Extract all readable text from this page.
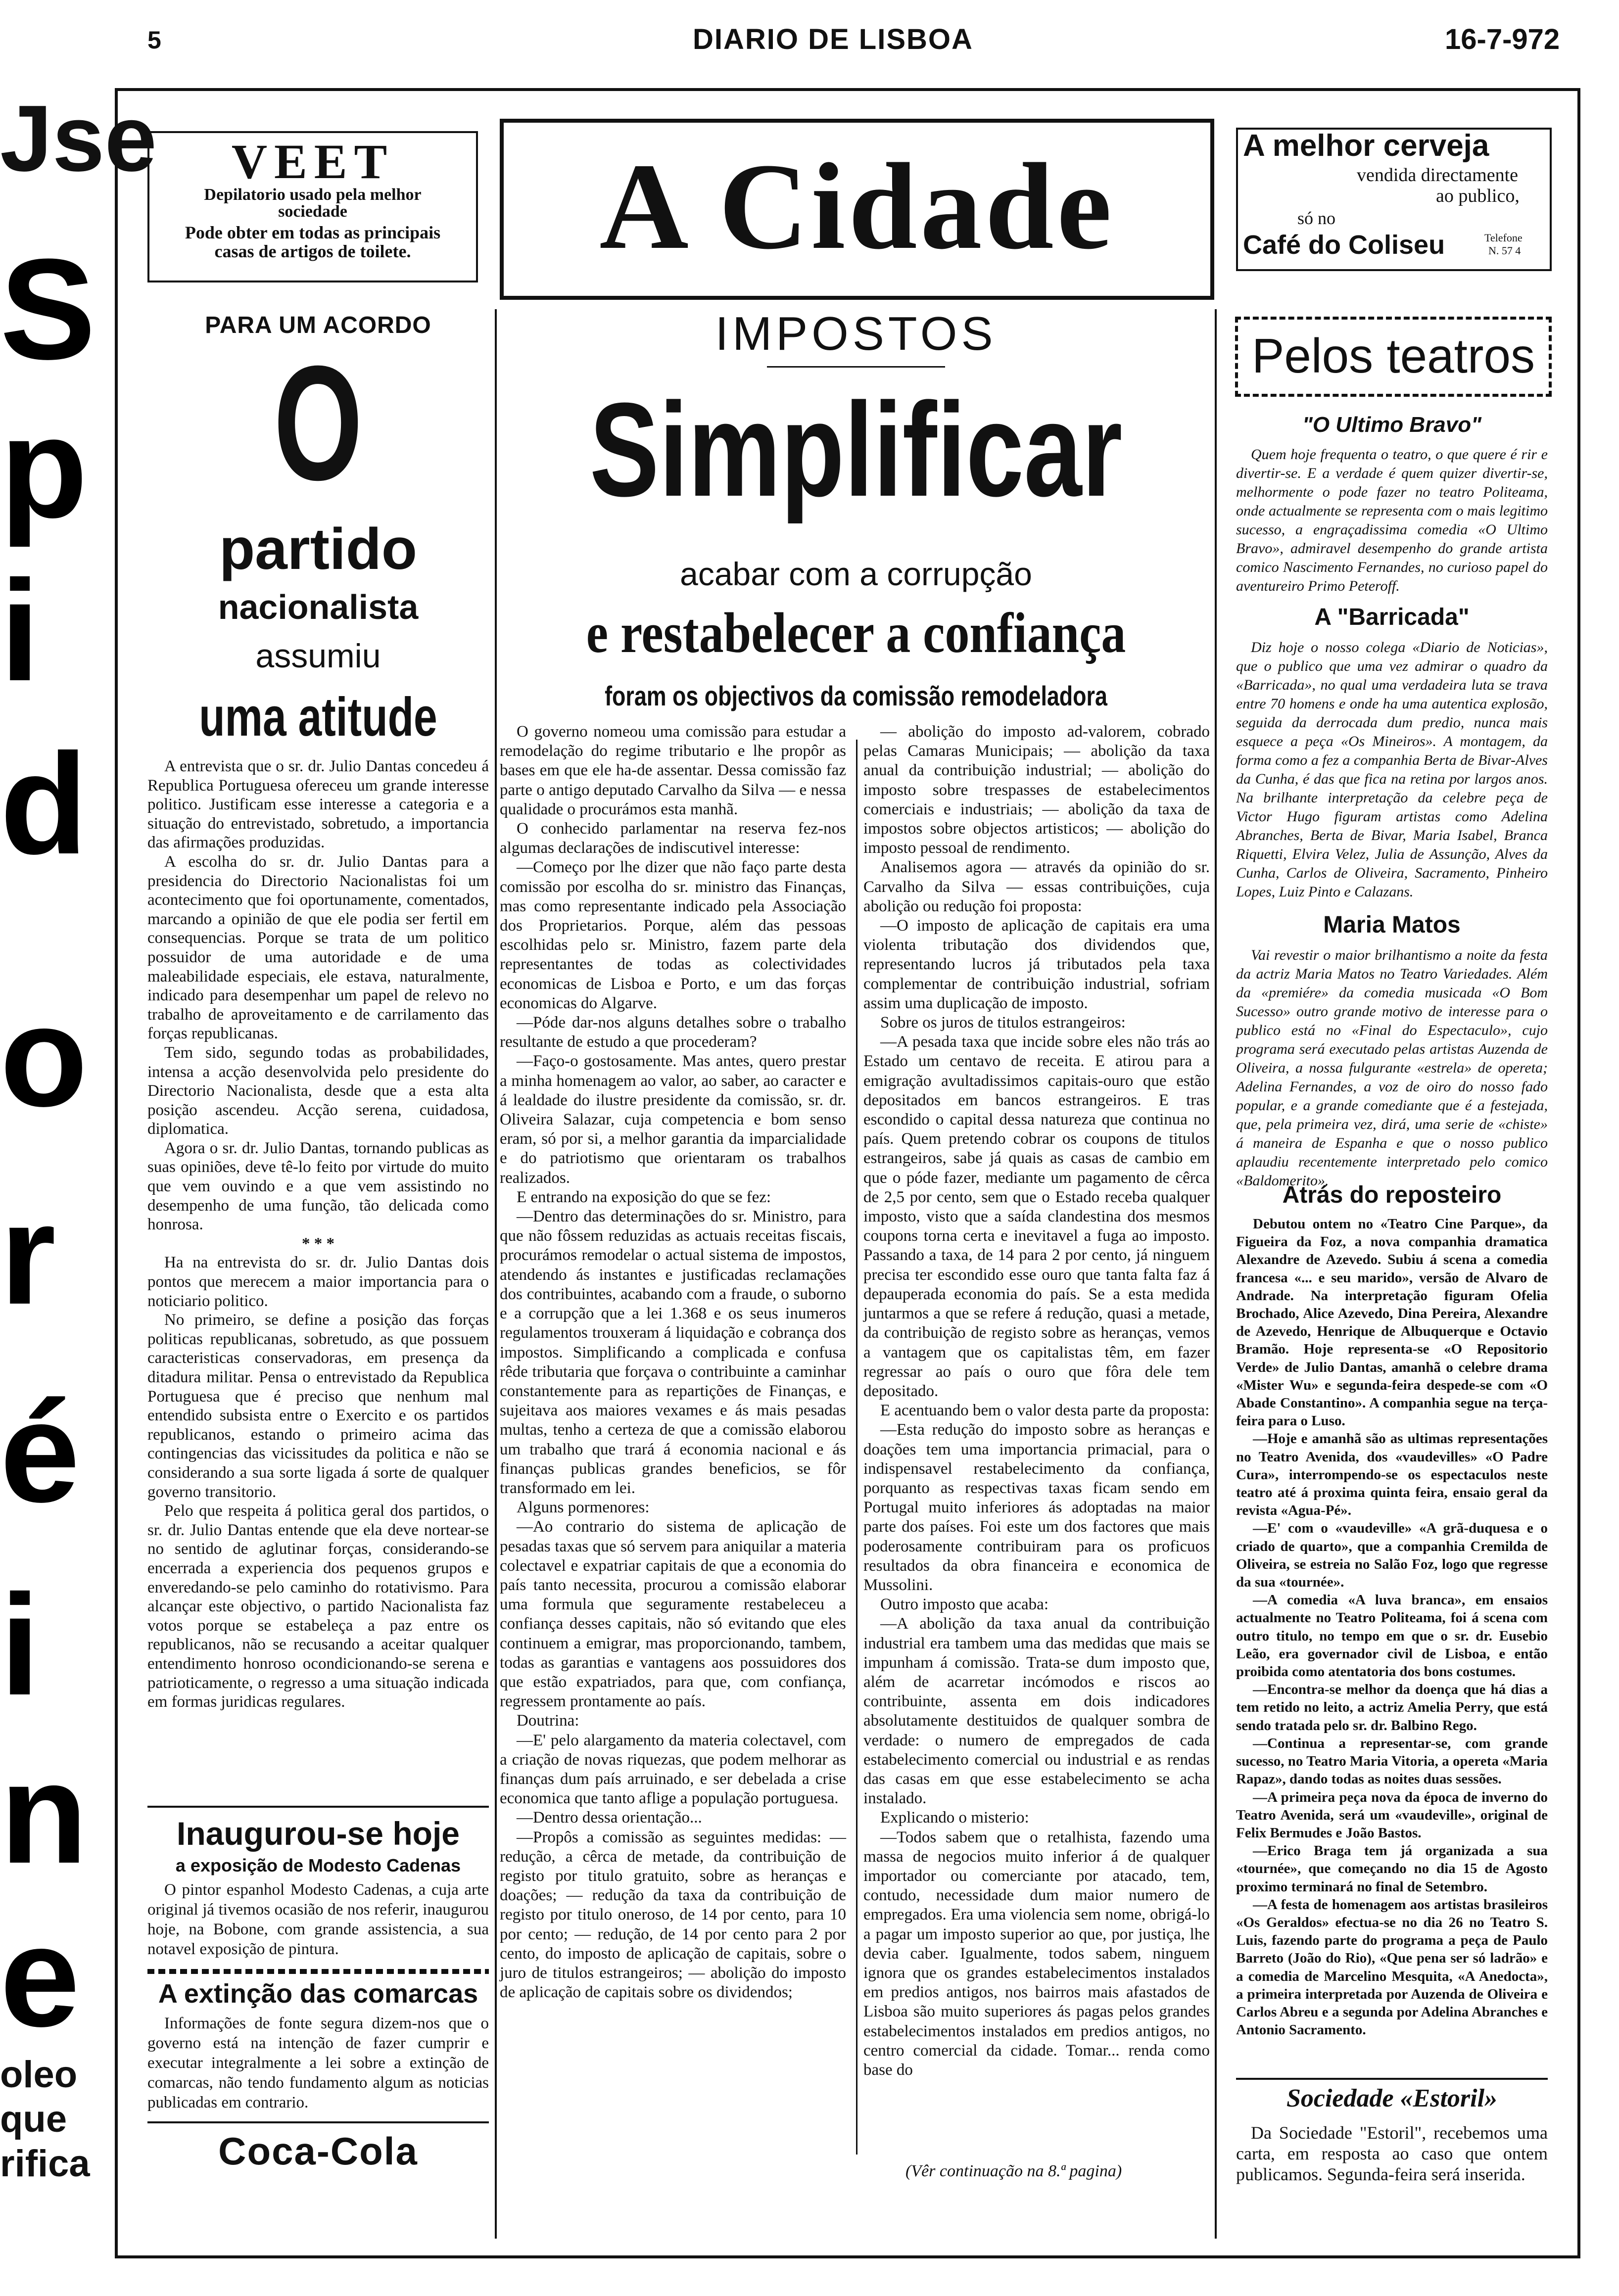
5	DIARIO DE LISBOA	16-7-972
Jse
S
p
i
d
o
r
é
i
n
e
oleo
que
rifica
VEET
Depilatorio usado pela melhor sociedade
Pode obter em todas as principais casas de artigos de toilete.	A Cidade	A melhor cerveja
vendida directamente
ao publico,
só no
Café do Coliseu	Telefone
N. 57 4
PARA UM ACORDO
O
partido
nacionalista
assumiu
uma atitude

A entrevista que o sr. dr. Julio Dantas concedeu á Republica Portuguesa ofereceu um grande interesse politico. Justificam esse interesse a categoria e a situação do entrevistado, sobretudo, a importancia das afirmações produzidas.

A escolha do sr. dr. Julio Dantas para a presidencia do Directorio Nacionalistas foi um acontecimento que foi oportunamente, comentados, marcando a opinião de que ele podia ser fertil em consequencias. Porque se trata de um politico possuidor de uma autoridade e de uma maleabilidade especiais, ele estava, naturalmente, indicado para desempenhar um papel de relevo no trabalho de aproveitamento e de carrilamento das forças republicanas.

Tem sido, segundo todas as probabilidades, intensa a acção desenvolvida pelo presidente do Directorio Nacionalista, desde que a esta alta posição ascendeu. Acção serena, cuidadosa, diplomatica.

Agora o sr. dr. Julio Dantas, tornando publicas as suas opiniões, deve tê-lo feito por virtude do muito que vem ouvindo e a que vem assistindo no desempenho de uma função, tão delicada como honrosa.

* * *

Ha na entrevista do sr. dr. Julio Dantas dois pontos que merecem a maior importancia para o noticiario politico.

No primeiro, se define a posição das forças politicas republicanas, sobretudo, as que possuem caracteristicas conservadoras, em presença da ditadura militar. Pensa o entrevistado da Republica Portuguesa que é preciso que nenhum mal entendido subsista entre o Exercito e os partidos republicanos, estando o primeiro acima das contingencias das vicissitudes da politica e não se considerando a sua sorte ligada á sorte de qualquer governo transitorio.

Pelo que respeita á politica geral dos partidos, o sr. dr. Julio Dantas entende que ela deve nortear-se no sentido de aglutinar forças, considerando-se encerrada a experiencia dos pequenos grupos e enveredando-se pelo caminho do rotativismo. Para alcançar este objectivo, o partido Nacionalista faz votos porque se estabeleça a paz entre os republicanos, não se recusando a aceitar qualquer entendimento honroso ocondicionando-se serena e patrioticamente, o regresso a uma situação indicada em formas juridicas regulares.

Inaugurou-se hoje
a exposição de Modesto Cadenas
O pintor espanhol Modesto Cadenas, a cuja arte original já tivemos ocasião de nos referir, inaugurou hoje, na Bobone, com grande assistencia, a sua notavel exposição de pintura.
A extinção das comarcas
Informações de fonte segura dizem-nos que o governo está na intenção de fazer cumprir e executar integralmente a lei sobre a extinção de comarcas, não tendo fundamento algum as noticias publicadas em contrario.
Coca-Cola
IMPOSTOS
Simplificar
acabar com a corrupção
e restabelecer a confiança
foram os objectivos da comissão remodeladora

O governo nomeou uma comissão para estudar a remodelação do regime tributario e lhe propôr as bases em que ele ha-de assentar. Dessa comissão faz parte o antigo deputado Carvalho da Silva — e nessa qualidade o procurámos esta manhã.

O conhecido parlamentar na reserva fez-nos algumas declarações de indiscutivel interesse:

—Começo por lhe dizer que não faço parte desta comissão por escolha do sr. ministro das Finanças, mas como representante indicado pela Associação dos Proprietarios. Porque, além das pessoas escolhidas pelo sr. Ministro, fazem parte dela representantes de todas as colectividades economicas de Lisboa e Porto, e um das forças economicas do Algarve.

—Póde dar-nos alguns detalhes sobre o trabalho resultante de estudo a que procederam?

—Faço-o gostosamente. Mas antes, quero prestar a minha homenagem ao valor, ao saber, ao caracter e á lealdade do ilustre presidente da comissão, sr. dr. Oliveira Salazar, cuja competencia e bom senso eram, só por si, a melhor garantia da imparcialidade e do patriotismo que orientaram os trabalhos realizados.

E entrando na exposição do que se fez:

—Dentro das determinações do sr. Ministro, para que não fôssem reduzidas as actuais receitas fiscais, procurámos remodelar o actual sistema de impostos, atendendo ás instantes e justificadas reclamações dos contribuintes, acabando com a fraude, o suborno e a corrupção que a lei 1.368 e os seus inumeros regulamentos trouxeram á liquidação e cobrança dos impostos. Simplificando a complicada e confusa rêde tributaria que forçava o contribuinte a caminhar constantemente para as repartições de Finanças, e sujeitava aos maiores vexames e ás mais pesadas multas, tenho a certeza de que a comissão elaborou um trabalho que trará á economia nacional e ás finanças publicas grandes beneficios, se fôr transformado em lei.

Alguns pormenores:

—Ao contrario do sistema de aplicação de pesadas taxas que só servem para aniquilar a materia colectavel e expatriar capitais de que a economia do país tanto necessita, procurou a comissão elaborar uma formula que seguramente restabeleceu a confiança desses capitais, não só evitando que eles continuem a emigrar, mas proporcionando, tambem, todas as garantias e vantagens aos possuidores dos que estão expatriados, para que, com confiança, regressem prontamente ao país.

Doutrina:

—E' pelo alargamento da materia colectavel, com a criação de novas riquezas, que podem melhorar as finanças dum país arruinado, e ser debelada a crise economica que tanto aflige a população portuguesa.

—Dentro dessa orientação...

—Propôs a comissão as seguintes medidas: — redução, a cêrca de metade, da contribuição de registo por titulo gratuito, sobre as heranças e doações; — redução da taxa da contribuição de registo por titulo oneroso, de 14 por cento, para 10 por cento; — redução, de 14 por cento para 2 por cento, do imposto de aplicação de capitais, sobre o juro de titulos estrangeiros; — abolição do imposto de aplicação de capitais sobre os dividendos;

— abolição do imposto ad-valorem, cobrado pelas Camaras Municipais; — abolição da taxa anual da contribuição industrial; — abolição do imposto sobre trespasses de estabelecimentos comerciais e industriais; — abolição da taxa de impostos sobre objectos artisticos; — abolição do imposto pessoal de rendimento.

Analisemos agora — através da opinião do sr. Carvalho da Silva — essas contribuições, cuja abolição ou redução foi proposta:

—O imposto de aplicação de capitais era uma violenta tributação dos dividendos que, representando lucros já tributados pela taxa complementar de contribuição industrial, sofriam assim uma duplicação de imposto.

Sobre os juros de titulos estrangeiros:

—A pesada taxa que incide sobre eles não trás ao Estado um centavo de receita. E atirou para a emigração avultadissimos capitais-ouro que estão depositados em bancos estrangeiros. E tras escondido o capital dessa natureza que continua no país. Quem pretendo cobrar os coupons de titulos estrangeiros, sabe já quais as casas de cambio em que o póde fazer, mediante um pagamento de cêrca de 2,5 por cento, sem que o Estado receba qualquer imposto, visto que a saída clandestina dos mesmos coupons torna certa e inevitavel a fuga ao imposto. Passando a taxa, de 14 para 2 por cento, já ninguem precisa ter escondido esse ouro que tanta falta faz á depauperada economia do país. Se a esta medida juntarmos a que se refere á redução, quasi a metade, da contribuição de registo sobre as heranças, vemos a vantagem que os capitalistas têm, em fazer regressar ao país o ouro que fôra dele tem depositado.

E acentuando bem o valor desta parte da proposta:

—Esta redução do imposto sobre as heranças e doações tem uma importancia primacial, para o indispensavel restabelecimento da confiança, porquanto as respectivas taxas ficam sendo em Portugal muito inferiores ás adoptadas na maior parte dos países. Foi este um dos factores que mais poderosamente contribuiram para os proficuos resultados da obra financeira e economica de Mussolini.

Outro imposto que acaba:

—A abolição da taxa anual da contribuição industrial era tambem uma das medidas que mais se impunham á comissão. Trata-se dum imposto que, além de acarretar incómodos e riscos ao contribuinte, assenta em dois indicadores absolutamente destituidos de qualquer sombra de verdade: o numero de empregados de cada estabelecimento comercial ou industrial e as rendas das casas em que esse estabelecimento se acha instalado.

Explicando o misterio:

—Todos sabem que o retalhista, fazendo uma massa de negocios muito inferior á de qualquer importador ou comerciante por atacado, tem, contudo, necessidade dum maior numero de empregados. Era uma violencia sem nome, obrigá-lo a pagar um imposto superior ao que, por justiça, lhe devia caber. Igualmente, todos sabem, ninguem ignora que os grandes estabelecimentos instalados em predios antigos, nos bairros mais afastados de Lisboa são muito superiores ás pagas pelos grandes estabelecimentos instalados em predios antigos, no centro comercial da cidade. Tomar... renda como base do

(Vêr continuação na 8.ª pagina)
Pelos teatros
"O Ultimo Bravo"
Quem hoje frequenta o teatro, o que quere é rir e divertir-se. E a verdade é quem quizer divertir-se, melhormente o pode fazer no teatro Politeama, onde actualmente se representa com o mais legitimo sucesso, a engraçadissima comedia «O Ultimo Bravo», admiravel desempenho do grande artista comico Nascimento Fernandes, no curioso papel do aventureiro Primo Peteroff.
A "Barricada"
Diz hoje o nosso colega «Diario de Noticias», que o publico que uma vez admirar o quadro da «Barricada», no qual uma verdadeira luta se trava entre 70 homens e onde ha uma autentica explosão, seguida da derrocada dum predio, nunca mais esquece a peça «Os Mineiros». A montagem, da forma como a fez a companhia Berta de Bivar-Alves da Cunha, é das que fica na retina por largos anos. Na brilhante interpretação da celebre peça de Victor Hugo figuram artistas como Adelina Abranches, Berta de Bivar, Maria Isabel, Branca Riquetti, Elvira Velez, Julia de Assunção, Alves da Cunha, Carlos de Oliveira, Sacramento, Pinheiro Lopes, Luiz Pinto e Calazans.
Maria Matos
Vai revestir o maior brilhantismo a noite da festa da actriz Maria Matos no Teatro Variedades. Além da «premiére» da comedia musicada «O Bom Sucesso» outro grande motivo de interesse para o publico está no «Final do Espectaculo», cujo programa será executado pelas artistas Auzenda de Oliveira, a nossa fulgurante «estrela» de opereta; Adelina Fernandes, a voz de oiro do nosso fado popular, e a grande comediante que é a festejada, que, pela primeira vez, dirá, uma serie de «chiste» á maneira de Espanha e que o nosso publico aplaudiu recentemente interpretado pelo comico «Baldomerito».
Atrás do reposteiro

Debutou ontem no «Teatro Cine Parque», da Figueira da Foz, a nova companhia dramatica Alexandre de Azevedo. Subiu á scena a comedia francesa «... e seu marido», versão de Alvaro de Andrade. Na interpretação figuram Ofelia Brochado, Alice Azevedo, Dina Pereira, Alexandre de Azevedo, Henrique de Albuquerque e Octavio Bramão. Hoje representa-se «O Repositorio Verde» de Julio Dantas, amanhã o celebre drama «Mister Wu» e segunda-feira despede-se com «O Abade Constantino». A companhia segue na terça-feira para o Luso.

—Hoje e amanhã são as ultimas representações no Teatro Avenida, dos «vaudevilles» «O Padre Cura», interrompendo-se os espectaculos neste teatro até á proxima quinta feira, ensaio geral da revista «Agua-Pé».

—E' com o «vaudeville» «A grã-duquesa e o criado de quarto», que a companhia Cremilda de Oliveira, se estreia no Salão Foz, logo que regresse da sua «tournée».

—A comedia «A luva branca», em ensaios actualmente no Teatro Politeama, foi á scena com outro titulo, no tempo em que o sr. dr. Eusebio Leão, era governador civil de Lisboa, e então proibida como atentatoria dos bons costumes.

—Encontra-se melhor da doença que há dias a tem retido no leito, a actriz Amelia Perry, que está sendo tratada pelo sr. dr. Balbino Rego.

—Continua a representar-se, com grande sucesso, no Teatro Maria Vitoria, a opereta «Maria Rapaz», dando todas as noites duas sessões.

—A primeira peça nova da época de inverno do Teatro Avenida, será um «vaudeville», original de Felix Bermudes e João Bastos.

—Erico Braga tem já organizada a sua «tournée», que começando no dia 15 de Agosto proximo terminará no final de Setembro.

—A festa de homenagem aos artistas brasileiros «Os Geraldos» efectua-se no dia 26 no Teatro S. Luis, fazendo parte do programa a peça de Paulo Barreto (João do Rio), «Que pena ser só ladrão» e a comedia de Marcelino Mesquita, «A Anedocta», a primeira interpretada por Auzenda de Oliveira e Carlos Abreu e a segunda por Adelina Abranches e Antonio Sacramento.

Sociedade «Estoril»
Da Sociedade "Estoril", recebemos uma carta, em resposta ao caso que ontem publicamos. Segunda-feira será inserida.
